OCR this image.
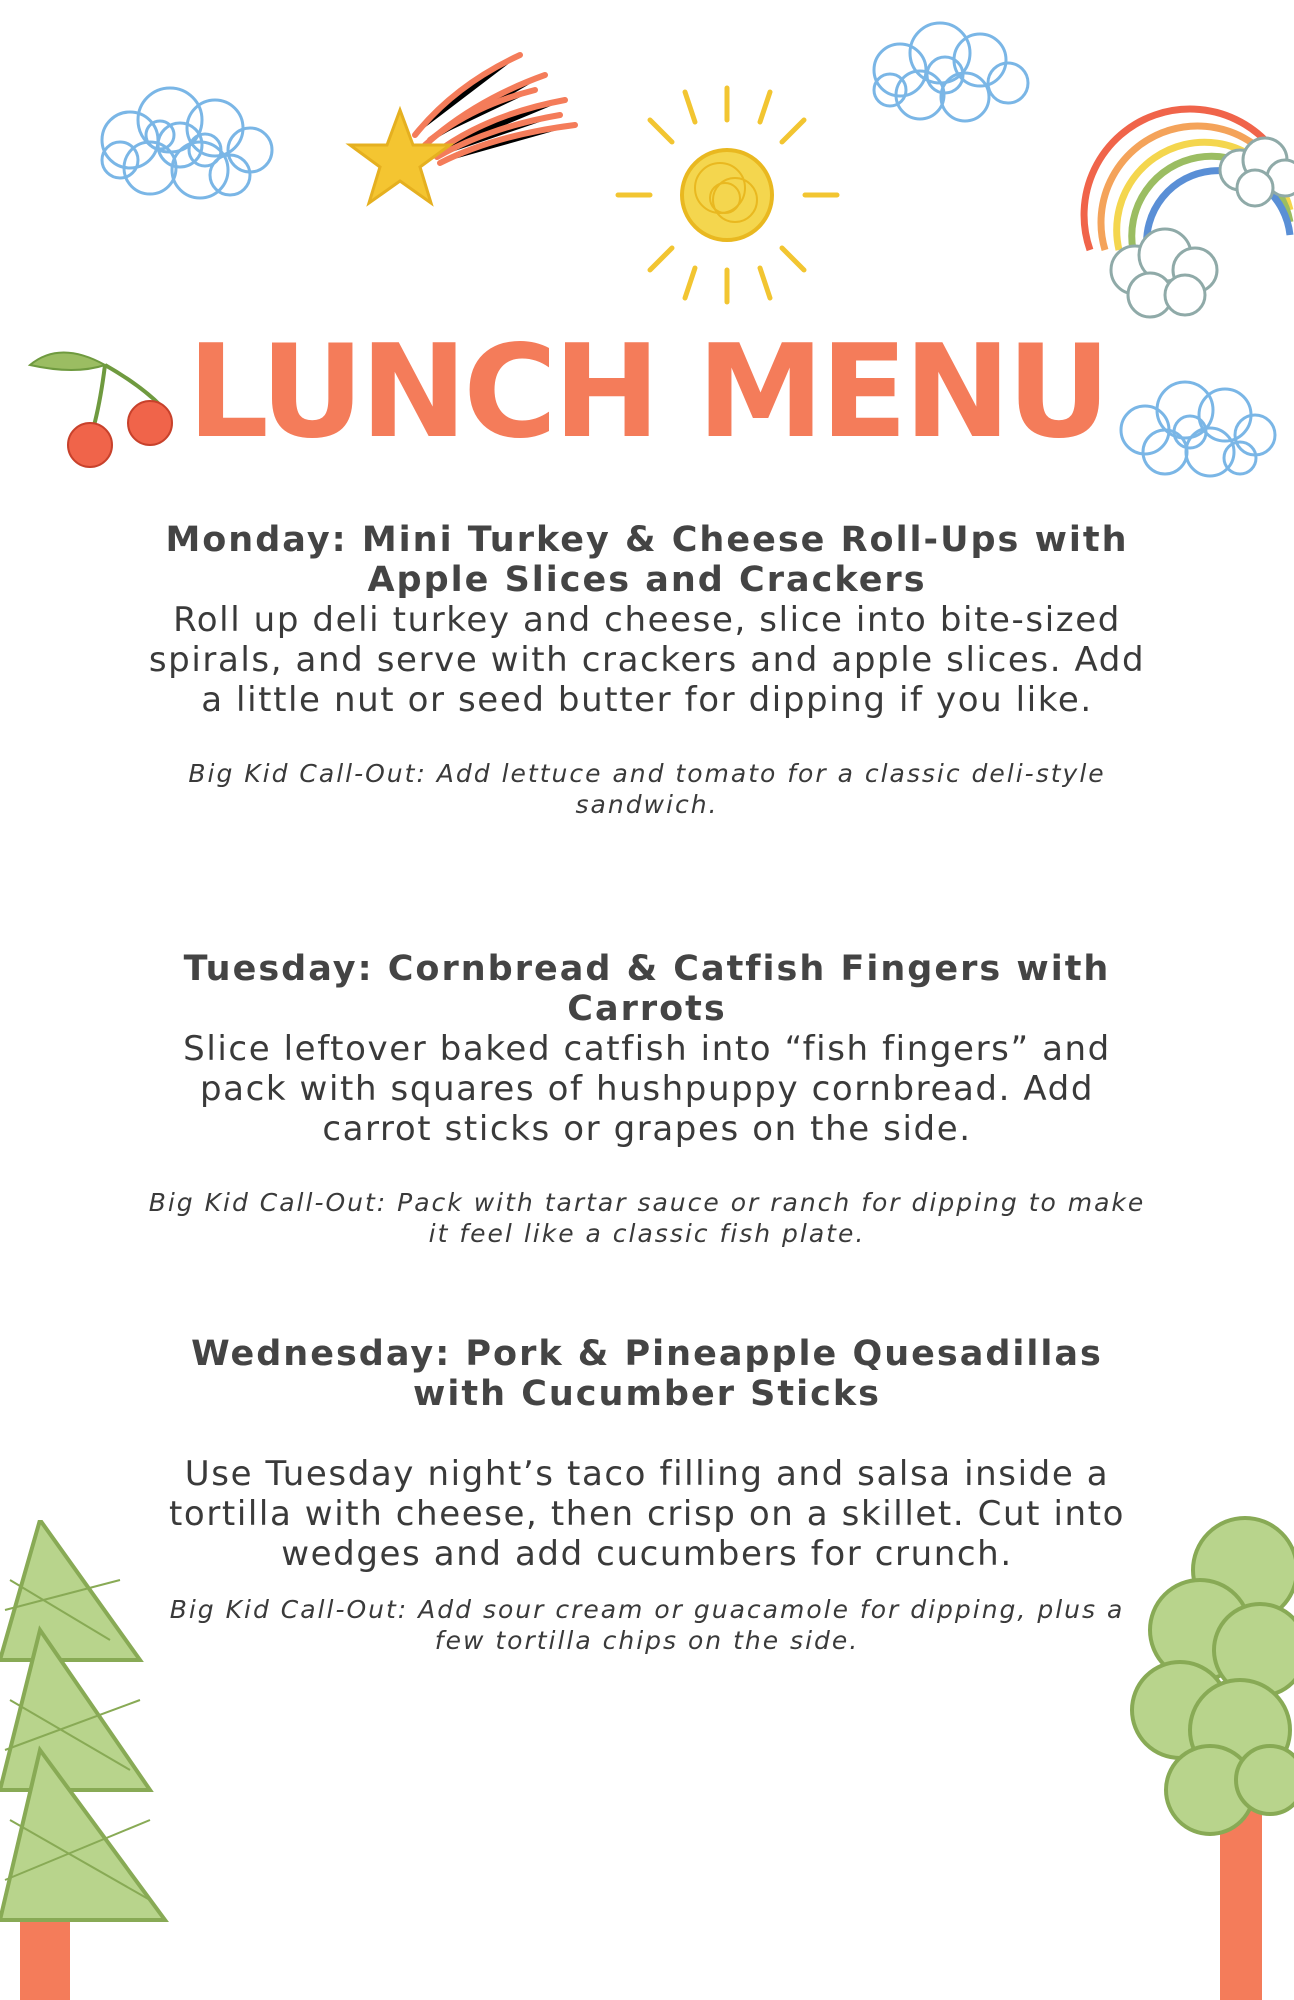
LUNCH MENU

Monday: Mini Turkey & Cheese Roll-Ups with Apple Slices and Crackers

Roll up deli turkey and cheese, slice into bite-sized spirals, and serve with crackers and apple slices. Add a little nut or seed butter for dipping if you like.

Big Kid Call-Out: Add lettuce and tomato for a classic deli-style sandwich.

Tuesday: Cornbread & Catfish Fingers with Carrots

Slice leftover baked catfish into “fish fingers” and pack with squares of hushpuppy cornbread. Add carrot sticks or grapes on the side.

Big Kid Call-Out: Pack with tartar sauce or ranch for dipping to make it feel like a classic fish plate.

Wednesday: Pork & Pineapple Quesadillas with Cucumber Sticks

Use Tuesday night’s taco filling and salsa inside a tortilla with cheese, then crisp on a skillet. Cut into wedges and add cucumbers for crunch.

Big Kid Call-Out: Add sour cream or guacamole for dipping, plus a few tortilla chips on the side.
